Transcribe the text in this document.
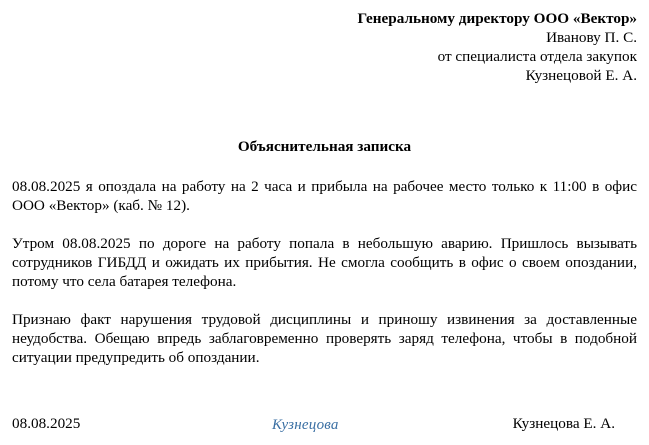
Генеральному директору ООО «Вектор»
Иванову П. С.
от специалиста отдела закупок
Кузнецовой Е. А.
Объяснительная записка

08.08.2025 я опоздала на работу на 2 часа и прибыла на рабочее место только к 11:00 в офис ООО «Вектор» (каб. № 12).

Утром 08.08.2025 по дороге на работу попала в небольшую аварию. Пришлось вызывать сотрудников ГИБДД и ожидать их прибытия. Не смогла сообщить в офис о своем опоздании, потому что села батарея телефона.

Признаю факт нарушения трудовой дисциплины и приношу извинения за доставленные неудобства. Обещаю впредь заблаговременно проверять заряд телефона, чтобы в подобной ситуации предупредить об опоздании.

08.08.2025	Кузнецова	Кузнецова Е. А.
